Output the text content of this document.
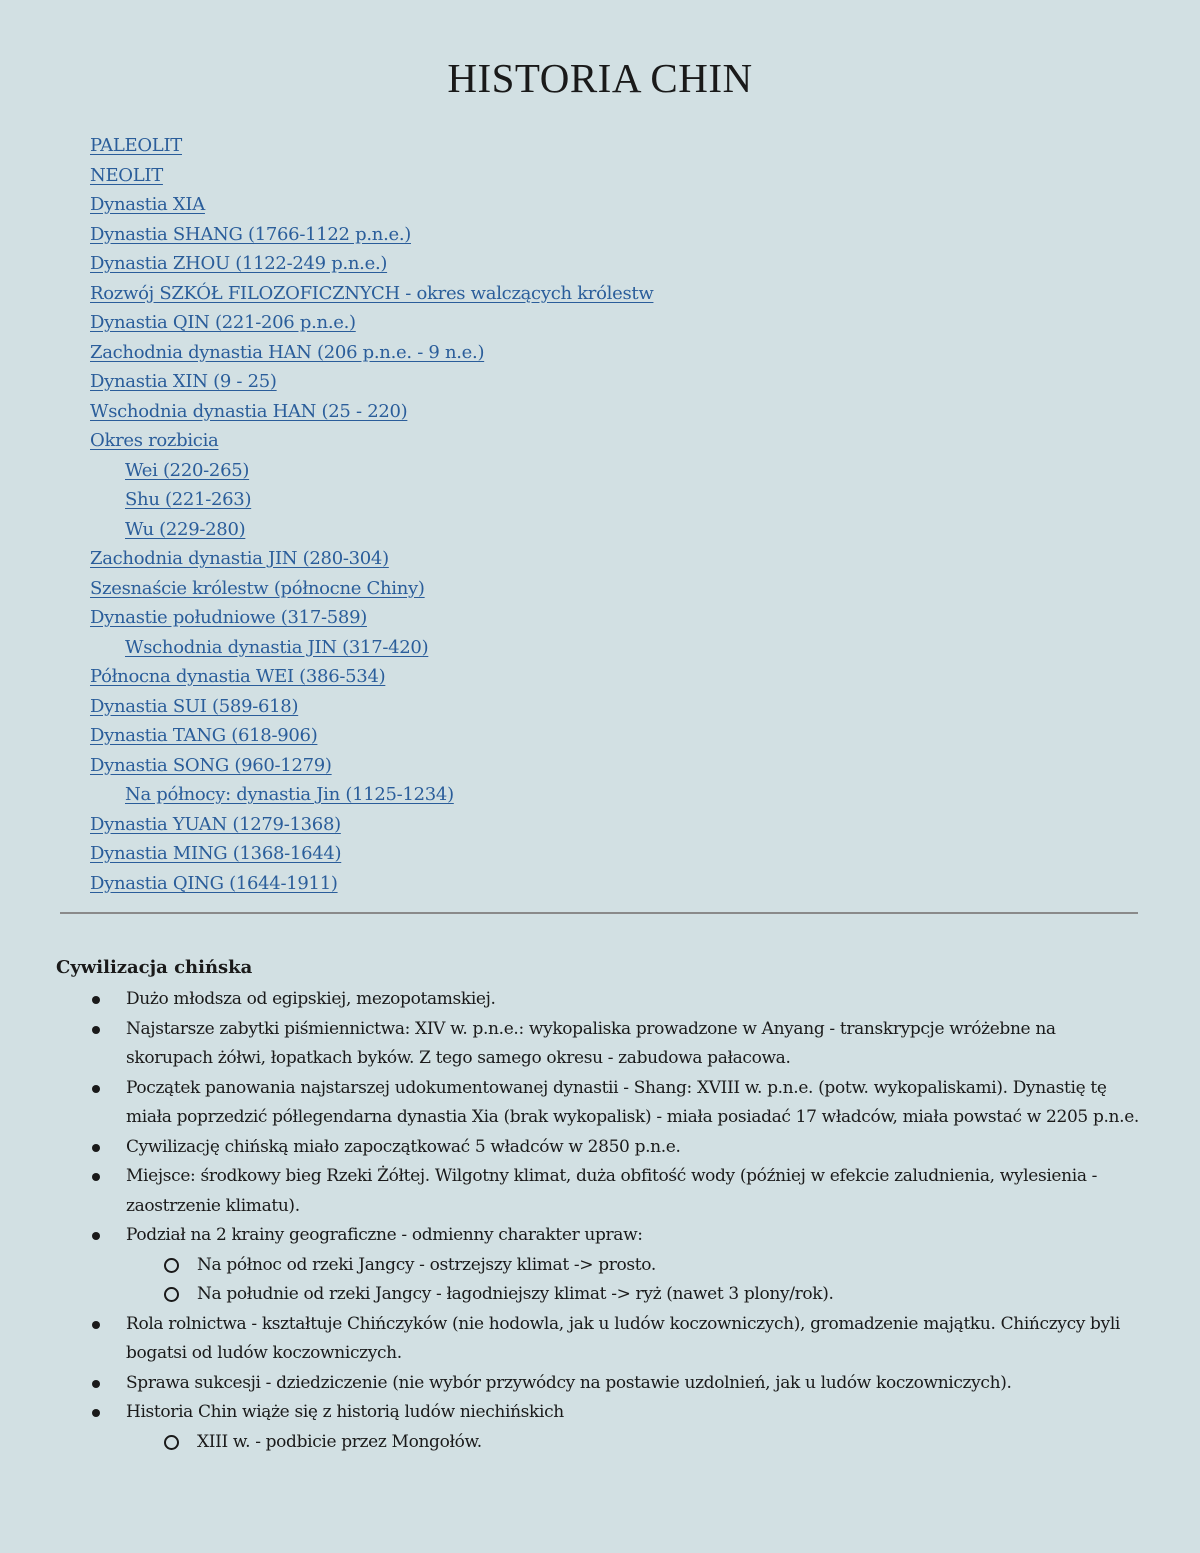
HISTORIA CHIN
PALEOLIT
NEOLIT
Dynastia XIA
Dynastia SHANG (1766-1122 p.n.e.)
Dynastia ZHOU (1122-249 p.n.e.)
Rozwój SZKÓŁ FILOZOFICZNYCH - okres walczących królestw
Dynastia QIN (221-206 p.n.e.)
Zachodnia dynastia HAN (206 p.n.e. - 9 n.e.)
Dynastia XIN (9 - 25)
Wschodnia dynastia HAN (25 - 220)
Okres rozbicia
Wei (220-265)
Shu (221-263)
Wu (229-280)
Zachodnia dynastia JIN (280-304)
Szesnaście królestw (północne Chiny)
Dynastie południowe (317-589)
Wschodnia dynastia JIN (317-420)
Północna dynastia WEI (386-534)
Dynastia SUI (589-618)
Dynastia TANG (618-906)
Dynastia SONG (960-1279)
Na północy: dynastia Jin (1125-1234)
Dynastia YUAN (1279-1368)
Dynastia MING (1368-1644)
Dynastia QING (1644-1911)
Cywilizacja chińska
Dużo młodsza od egipskiej, mezopotamskiej.
Najstarsze zabytki piśmiennictwa: XIV w. p.n.e.: wykopaliska prowadzone w Anyang - transkrypcje wróżebne na skorupach żółwi, łopatkach byków. Z tego samego okresu - zabudowa pałacowa.
Początek panowania najstarszej udokumentowanej dynastii - Shang: XVIII w. p.n.e. (potw. wykopaliskami). Dynastię tę miała poprzedzić półlegendarna dynastia Xia (brak wykopalisk) - miała posiadać 17 władców, miała powstać w 2205 p.n.e.
Cywilizację chińską miało zapoczątkować 5 władców w 2850 p.n.e.
Miejsce: środkowy bieg Rzeki Żółtej. Wilgotny klimat, duża obfitość wody (później w efekcie zaludnienia, wylesienia - zaostrzenie klimatu).
Podział na 2 krainy geograficzne - odmienny charakter upraw:
Na północ od rzeki Jangcy - ostrzejszy klimat -> prosto.
Na południe od rzeki Jangcy - łagodniejszy klimat -> ryż (nawet 3 plony/rok).
Rola rolnictwa - kształtuje Chińczyków (nie hodowla, jak u ludów koczowniczych), gromadzenie majątku. Chińczycy byli bogatsi od ludów koczowniczych.
Sprawa sukcesji - dziedziczenie (nie wybór przywódcy na postawie uzdolnień, jak u ludów koczowniczych).
Historia Chin wiąże się z historią ludów niechińskich
XIII w. - podbicie przez Mongołów.
